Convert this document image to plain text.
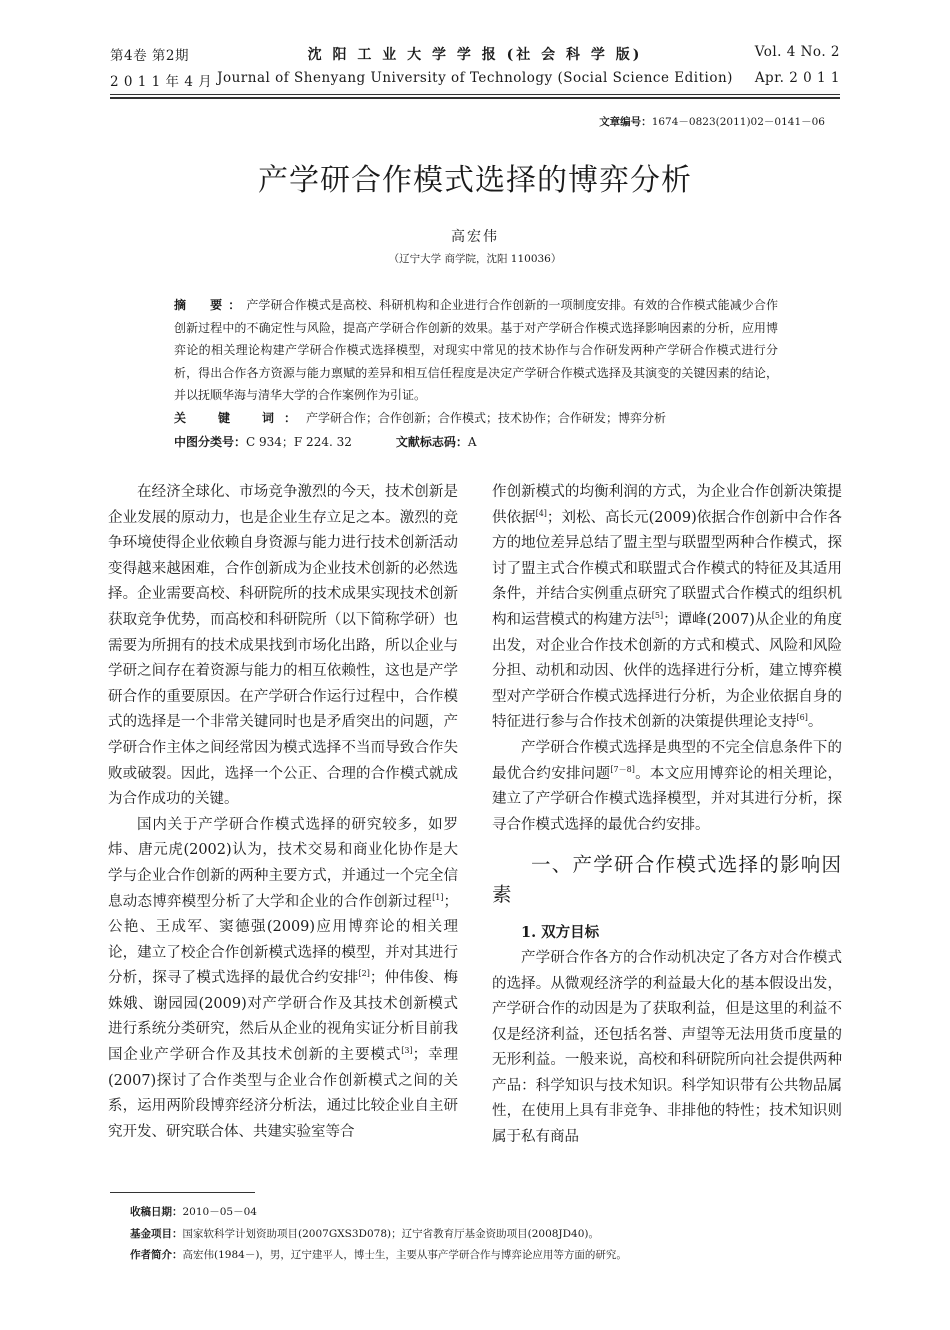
第4卷 第2期	沈 阳 工 业 大 学 学 报 (社 会 科 学 版)	Vol. 4 No. 2
2 0 1 1 年 4 月 Journal of Shenyang University of Technology (Social Science Edition)	Apr. 2 0 1 1
文章编号：1674－0823(2011)02－0141－06
产学研合作模式选择的博弈分析
高宏伟
（辽宁大学 商学院，沈阳 110036）
摘　要：产学研合作模式是高校、科研机构和企业进行合作创新的一项制度安排。有效的合作模式能减少合作创新过程中的不确定性与风险，提高产学研合作创新的效果。基于对产学研合作模式选择影响因素的分析，应用博弈论的相关理论构建产学研合作模式选择模型，对现实中常见的技术协作与合作研发两种产学研合作模式进行分析，得出合作各方资源与能力禀赋的差异和相互信任程度是决定产学研合作模式选择及其演变的关键因素的结论，并以抚顺华海与清华大学的合作案例作为引证。
关　键　词：产学研合作；合作创新；合作模式；技术协作；合作研发；博弈分析
中图分类号：C 934；F 224. 32	文献标志码：A

在经济全球化、市场竞争激烈的今天，技术创新是企业发展的原动力，也是企业生存立足之本。激烈的竞争环境使得企业依赖自身资源与能力进行技术创新活动变得越来越困难，合作创新成为企业技术创新的必然选择。企业需要高校、科研院所的技术成果实现技术创新获取竞争优势，而高校和科研院所（以下简称学研）也需要为所拥有的技术成果找到市场化出路，所以企业与学研之间存在着资源与能力的相互依赖性，这也是产学研合作的重要原因。在产学研合作运行过程中，合作模式的选择是一个非常关键同时也是矛盾突出的问题，产学研合作主体之间经常因为模式选择不当而导致合作失败或破裂。因此，选择一个公正、合理的合作模式就成为合作成功的关键。

国内关于产学研合作模式选择的研究较多，如罗炜、唐元虎(2002)认为，技术交易和商业化协作是大学与企业合作创新的两种主要方式，并通过一个完全信息动态博弈模型分析了大学和企业的合作创新过程[1]；公艳、王成军、窦德强(2009)应用博弈论的相关理论，建立了校企合作创新模式选择的模型，并对其进行分析，探寻了模式选择的最优合约安排[2]；仲伟俊、梅姝娥、谢园园(2009)对产学研合作及其技术创新模式进行系统分类研究，然后从企业的视角实证分析目前我国企业产学研合作及其技术创新的主要模式[3]；幸理(2007)探讨了合作类型与企业合作创新模式之间的关系，运用两阶段博弈经济分析法，通过比较企业自主研究开发、研究联合体、共建实验室等合

作创新模式的均衡利润的方式，为企业合作创新决策提供依据[4]；刘松、高长元(2009)依据合作创新中合作各方的地位差异总结了盟主型与联盟型两种合作模式，探讨了盟主式合作模式和联盟式合作模式的特征及其适用条件，并结合实例重点研究了联盟式合作模式的组织机构和运营模式的构建方法[5]；谭峰(2007)从企业的角度出发，对企业合作技术创新的方式和模式、风险和风险分担、动机和动因、伙伴的选择进行分析，建立博弈模型对产学研合作模式选择进行分析，为企业依据自身的特征进行参与合作技术创新的决策提供理论支持[6]。

产学研合作模式选择是典型的不完全信息条件下的最优合约安排问题[7－8]。本文应用博弈论的相关理论，建立了产学研合作模式选择模型，并对其进行分析，探寻合作模式选择的最优合约安排。

一、产学研合作模式选择的影响因素
1. 双方目标

产学研合作各方的合作动机决定了各方对合作模式的选择。从微观经济学的利益最大化的基本假设出发，产学研合作的动因是为了获取利益，但是这里的利益不仅是经济利益，还包括名誉、声望等无法用货币度量的无形利益。一般来说，高校和科研院所向社会提供两种产品：科学知识与技术知识。科学知识带有公共物品属性，在使用上具有非竞争、非排他的特性；技术知识则属于私有商品

收稿日期：2010－05－04
基金项目：国家软科学计划资助项目(2007GXS3D078)；辽宁省教育厅基金资助项目(2008JD40)。
作者简介：高宏伟(1984－)，男，辽宁建平人，博士生，主要从事产学研合作与博弈论应用等方面的研究。
